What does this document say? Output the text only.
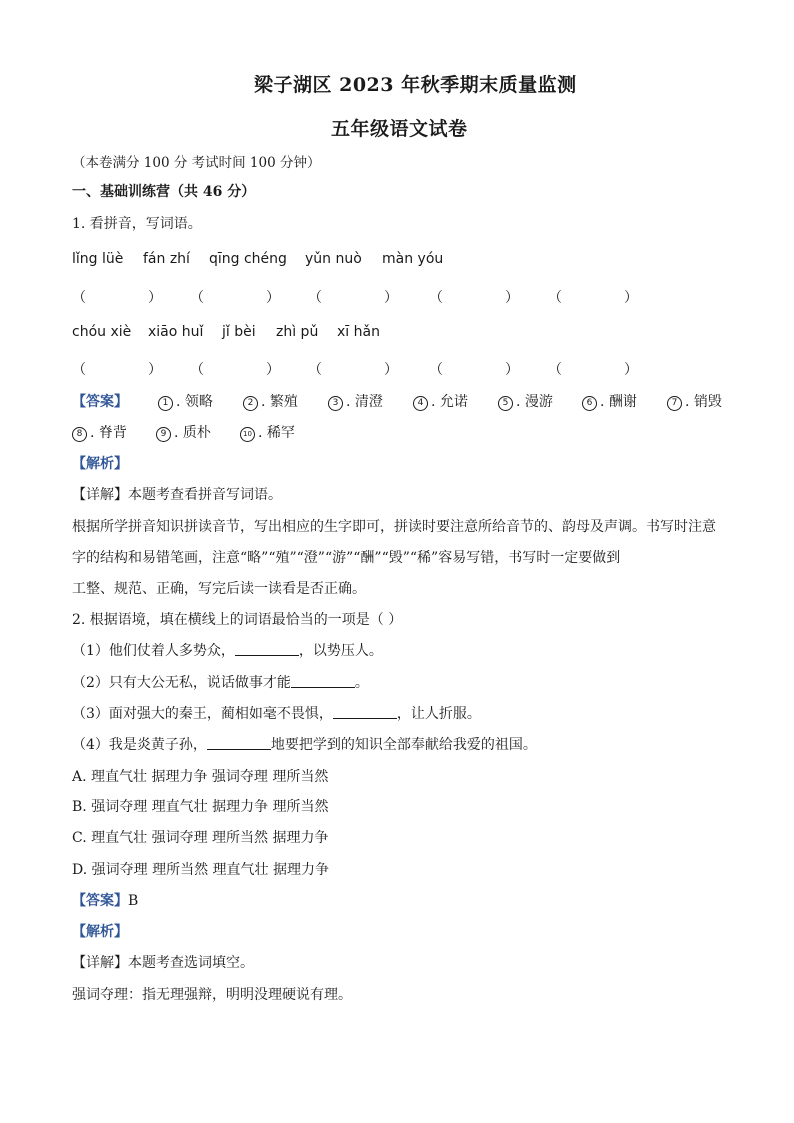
梁子湖区 2023 年秋季期末质量监测
五年级语文试卷
（本卷满分 100 分 考试时间 100 分钟）
一、基础训练营（共 46 分）
1. 看拼音，写词语。
lǐng lüè fán zhí qīng chéng yǔn nuò màn yóu
（	） （	） （	） （	） （	）
chóu xiè xiāo huǐ jǐ bèi zhì pǔ xī hǎn
（	） （	） （	） （	） （	）
【答案】	1 . 领略	2 . 繁殖	3 . 清澄	4 . 允诺	5 . 漫游	6 . 酬谢	7 . 销毁
8 . 脊背	9 . 质朴	10 . 稀罕
【解析】
【详解】本题考查看拼音写词语。
根据所学拼音知识拼读音节，写出相应的生字即可，拼读时要注意所给音节的、韵母及声调。书写时注意
字的结构和易错笔画，注意“略”“殖”“澄”“游”“酬”“毁”“稀”容易写错，书写时一定要做到
工整、规范、正确，写完后读一读看是否正确。
2. 根据语境，填在横线上的词语最恰当的一项是（ ）
（1）他们仗着人多势众，	，以势压人。
（2）只有大公无私，说话做事才能	。
（3）面对强大的秦王，蔺相如毫不畏惧，	，让人折服。
（4）我是炎黄子孙，	地要把学到的知识全部奉献给我爱的祖国。
A. 理直气壮 据理力争 强词夺理 理所当然
B. 强词夺理 理直气壮 据理力争 理所当然
C. 理直气壮 强词夺理 理所当然 据理力争
D. 强词夺理 理所当然 理直气壮 据理力争
【答案】B
【解析】
【详解】本题考查选词填空。
强词夺理：指无理强辩，明明没理硬说有理。
